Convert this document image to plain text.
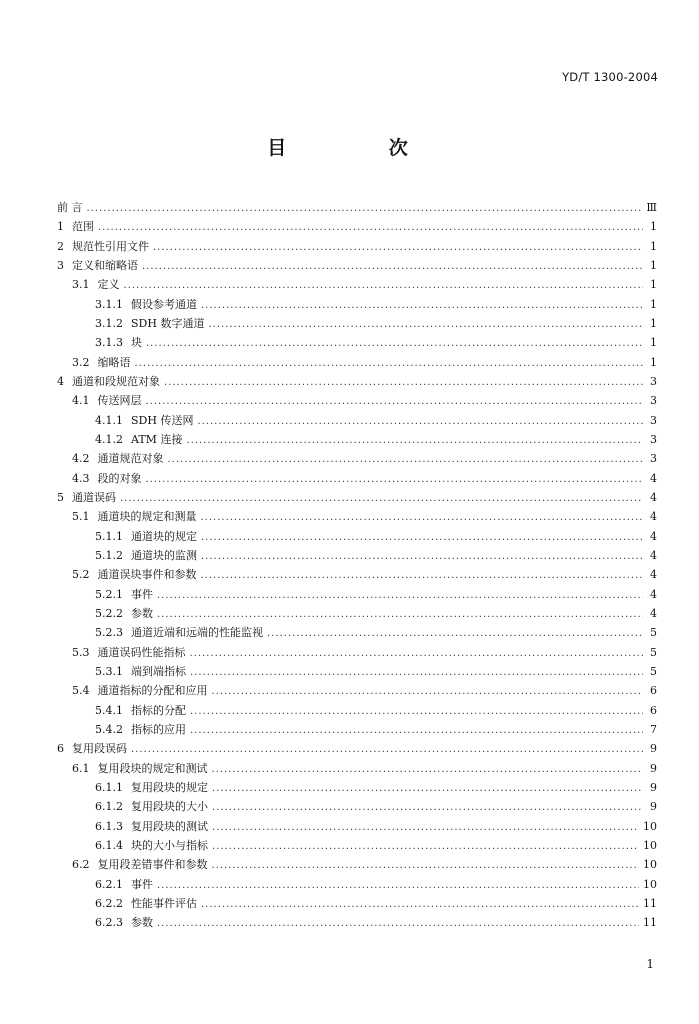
YD/T 1300-2004
目 次
前 言 .....	Ⅲ
1 范围 .....	1
2 规范性引用文件 .....	1
3 定义和缩略语 .....	1
3.1 定义 .....	1
3.1.1 假设参考通道 .....	1
3.1.2 SDH 数字通道 .....	1
3.1.3 块 .....	1
3.2 缩略语 .....	1
4 通道和段规范对象 .....	3
4.1 传送网层 .....	3
4.1.1 SDH 传送网 .....	3
4.1.2 ATM 连接 .....	3
4.2 通道规范对象 .....	3
4.3 段的对象 .....	4
5 通道误码 .....	4
5.1 通道块的规定和测量 .....	4
5.1.1 通道块的规定 .....	4
5.1.2 通道块的监测 .....	4
5.2 通道误块事件和参数 .....	4
5.2.1 事件 .....	4
5.2.2 参数 .....	4
5.2.3 通道近端和远端的性能监视 .....	5
5.3 通道误码性能指标 .....	5
5.3.1 端到端指标 .....	5
5.4 通道指标的分配和应用 .....	6
5.4.1 指标的分配 .....	6
5.4.2 指标的应用 .....	7
6 复用段误码 .....	9
6.1 复用段块的规定和测试 .....	9
6.1.1 复用段块的规定 .....	9
6.1.2 复用段块的大小 .....	9
6.1.3 复用段块的测试 .....	10
6.1.4 块的大小与指标 .....	10
6.2 复用段差错事件和参数 .....	10
6.2.1 事件 .....	10
6.2.2 性能事件评估 .....	11
6.2.3 参数 .....	11
1
